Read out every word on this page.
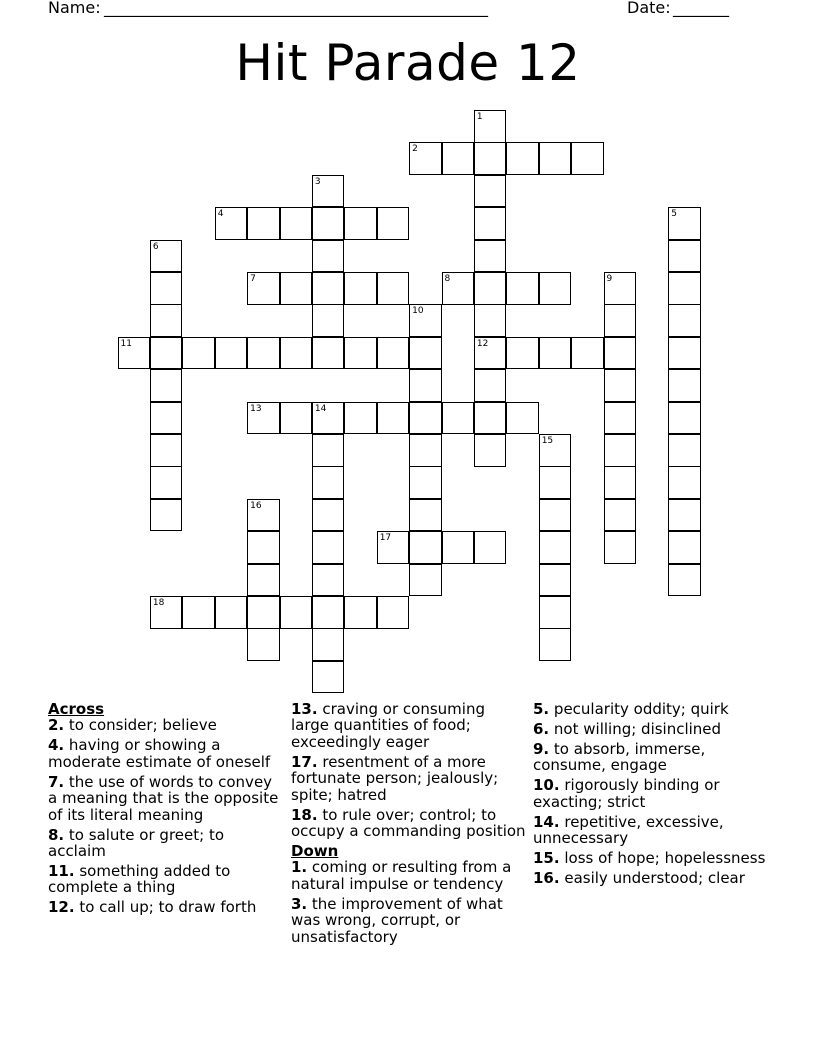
Name: ________________________________________________	Date: _______
Hit Parade 12
1
12
2
3
4	5
6
7	8	9
10
11
13	14
15
16
17
18
Across
2. to consider; believe
4. having or showing a moderate estimate of oneself
7. the use of words to convey a meaning that is the opposite of its literal meaning
8. to salute or greet; to acclaim
11. something added to complete a thing
12. to call up; to draw forth
13. craving or consuming large quantities of food; exceedingly eager
17. resentment of a more fortunate person; jealously; spite; hatred
18. to rule over; control; to occupy a commanding position
Down
1. coming or resulting from a natural impulse or tendency
3. the improvement of what was wrong, corrupt, or unsatisfactory
5. pecularity oddity; quirk
6. not willing; disinclined
9. to absorb, immerse, consume, engage
10. rigorously binding or exacting; strict
14. repetitive, excessive, unnecessary
15. loss of hope; hopelessness
16. easily understood; clear
